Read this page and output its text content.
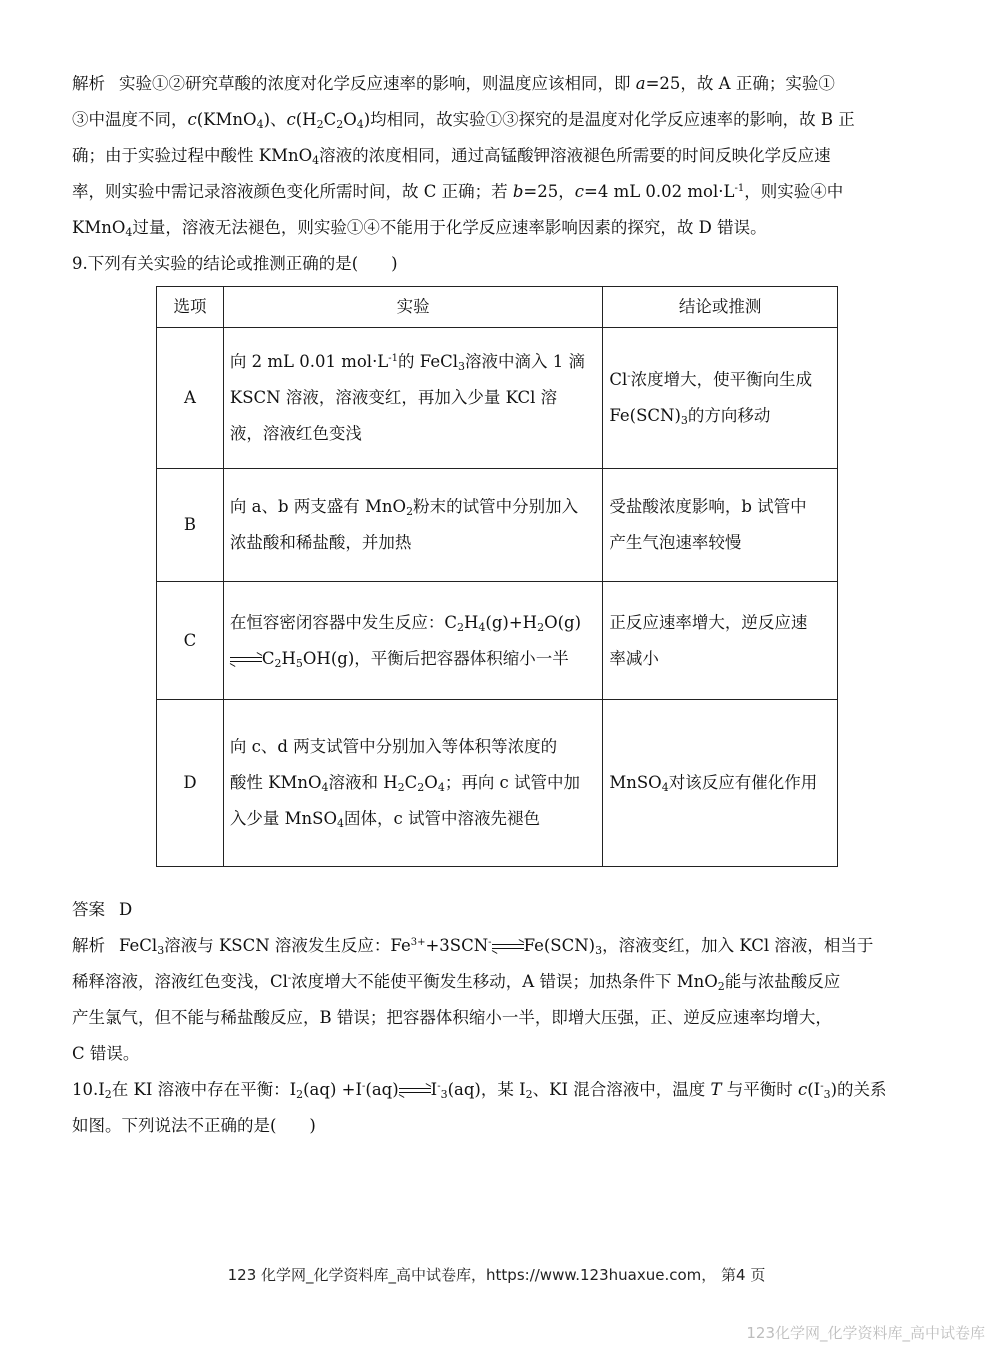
解析 实验①②研究草酸的浓度对化学反应速率的影响，则温度应该相同，即 a=25，故 A 正确；实验①

③中温度不同，c(KMnO$_4$)、$c(H_2C_2O_4)$均相同，故实验①③探究的是温度对化学反应速率的影响，故 B 正

确；由于实验过程中酸性 KMnO$_4$溶液的浓度相同，通过高锰酸钾溶液褪色所需要的时间反映化学反应速

率，则实验中需记录溶液颜色变化所需时间，故 C 正确；若 b=25，c=4 mL 0.02 $mol\cdot L^{-1}$，则实验④中

KMnO$_4$过量，溶液无法褪色，则实验①④不能用于化学反应速率影响因素的探究，故 D 错误。

9.下列有关实验的结论或推测正确的是(　　)

选项	实验	结论或推测
A	向 2 mL 0.01 $mol\cdot L^{-1}$的 FeCl$_3$溶液中滴入 1 滴
KSCN 溶液，溶液变红，再加入少量 KCl 溶
液，溶液红色变浅	Cl-浓度增大，使平衡向生成
$Fe(SCN)_3$的方向移动
B	向 a、b 两支盛有 MnO$_2$粉末的试管中分别加入
浓盐酸和稀盐酸，并加热	受盐酸浓度影响，b 试管中
产生气泡速率较慢
C	在恒容密闭容器中发生反应：$C_2H_4(g)+H_2O(g)$

$C_2H_5OH(g)$，平衡后把容器体积缩小一半	正反应速率增大，逆反应速
率减小
D	向 c、d 两支试管中分别加入等体积等浓度的
酸性 KMnO$_4$溶液和 $H_2C_2O_4$；再向 c 试管中加
入少量 MnSO$_4$固体，c 试管中溶液先褪色	MnSO$_4$对该反应有催化作用

答案 D

解析 FeCl$_3$溶液与 KSCN 溶液发生反应：$Fe^{3+}+3SCN^-$ $Fe(SCN)_3$，溶液变红，加入 KCl 溶液，相当于

稀释溶液，溶液红色变浅，Cl-浓度增大不能使平衡发生移动，A 错误；加热条件下 MnO$_2$能与浓盐酸反应

产生氯气，但不能与稀盐酸反应，B 错误；把容器体积缩小一半，即增大压强，正、逆反应速率均增大，

C 错误。

$10.I_2$在 KI 溶液中存在平衡：$I_2(aq) +I^-(aq)$ $I^-_3(aq)$，某 $I_2$、KI 混合溶液中，温度 T 与平衡时 $c(I^-_3)$的关系

如图。下列说法不正确的是(　　)

123 化学网_化学资料库_高中试卷库，https://www.123huaxue.com， 第4 页
123化学网_化学资料库_高中试卷库
